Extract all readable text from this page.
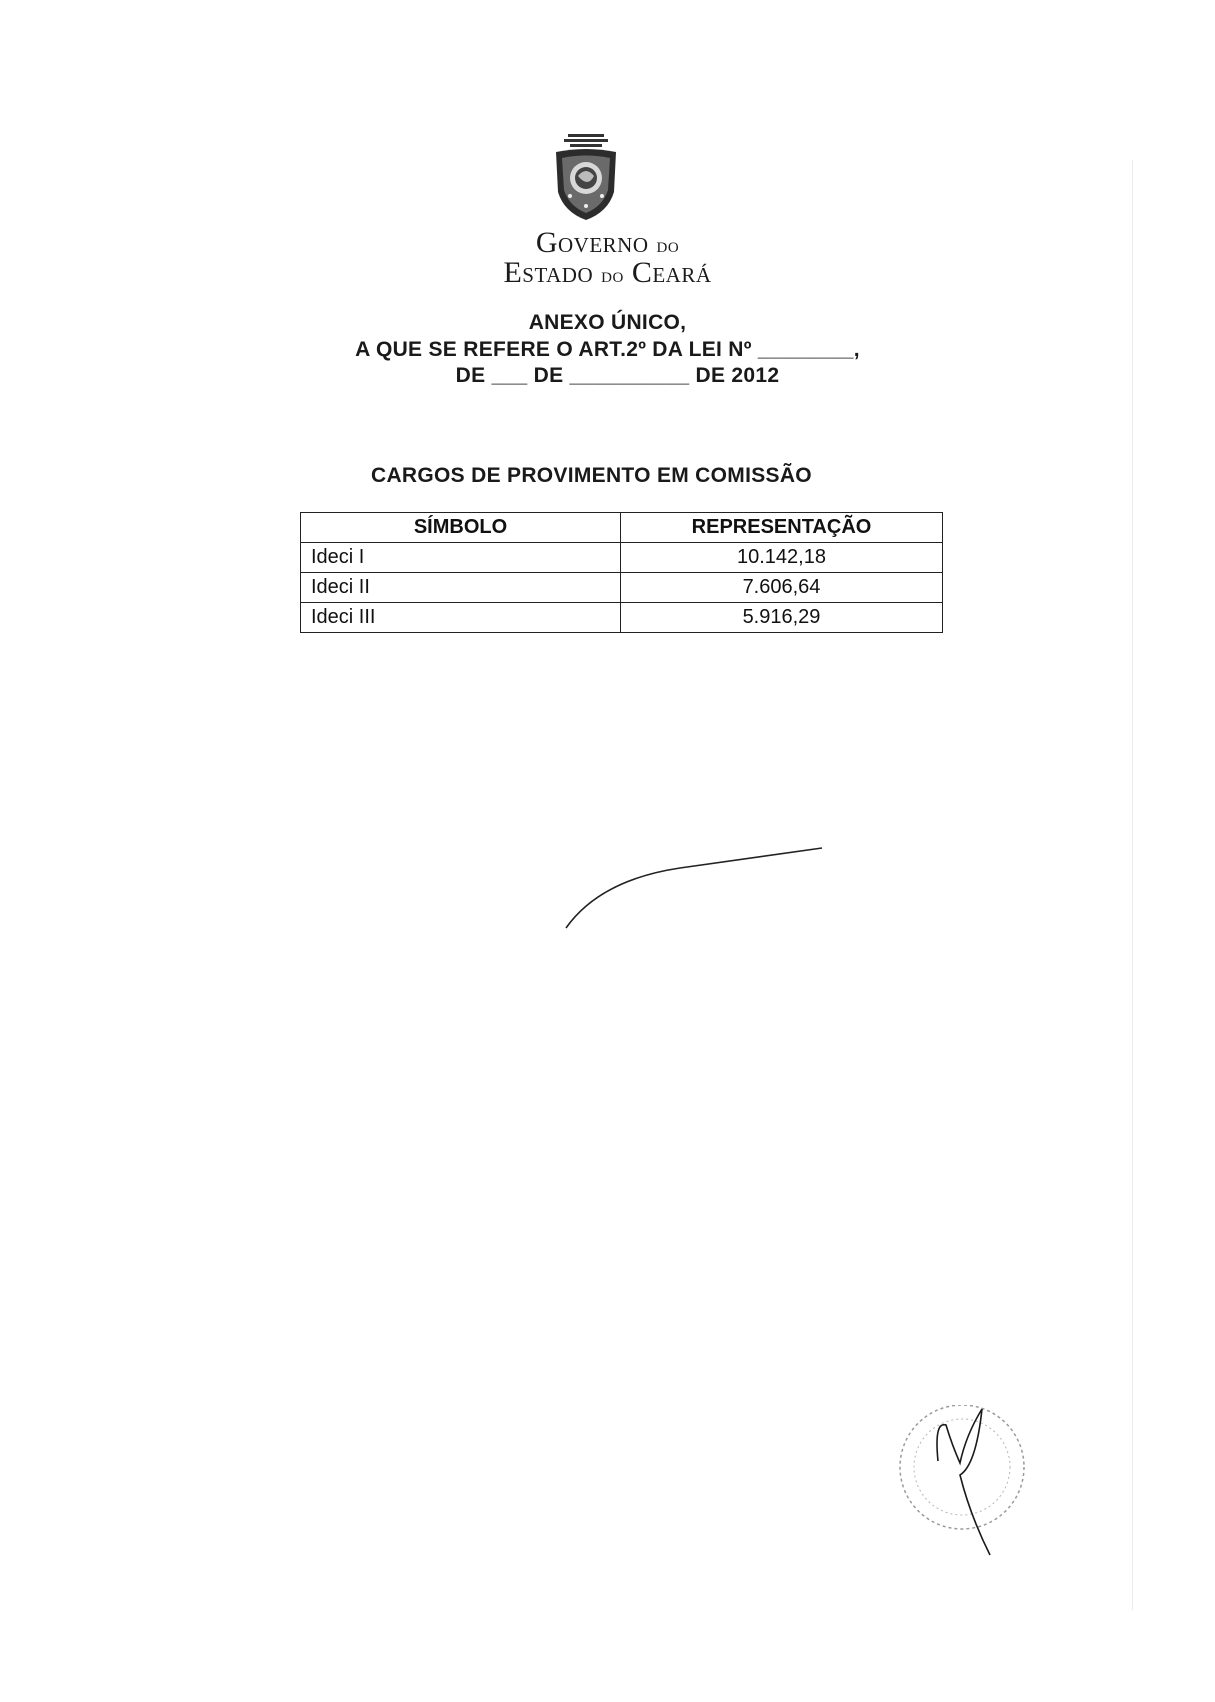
Governo do
Estado do Ceará
ANEXO ÚNICO,
A QUE SE REFERE O ART.2º DA LEI Nº ________,
DE ___ DE __________ DE 2012
CARGOS DE PROVIMENTO EM COMISSÃO
SÍMBOLO	REPRESENTAÇÃO
Ideci I	10.142,18
Ideci II	7.606,64
Ideci III	5.916,29
